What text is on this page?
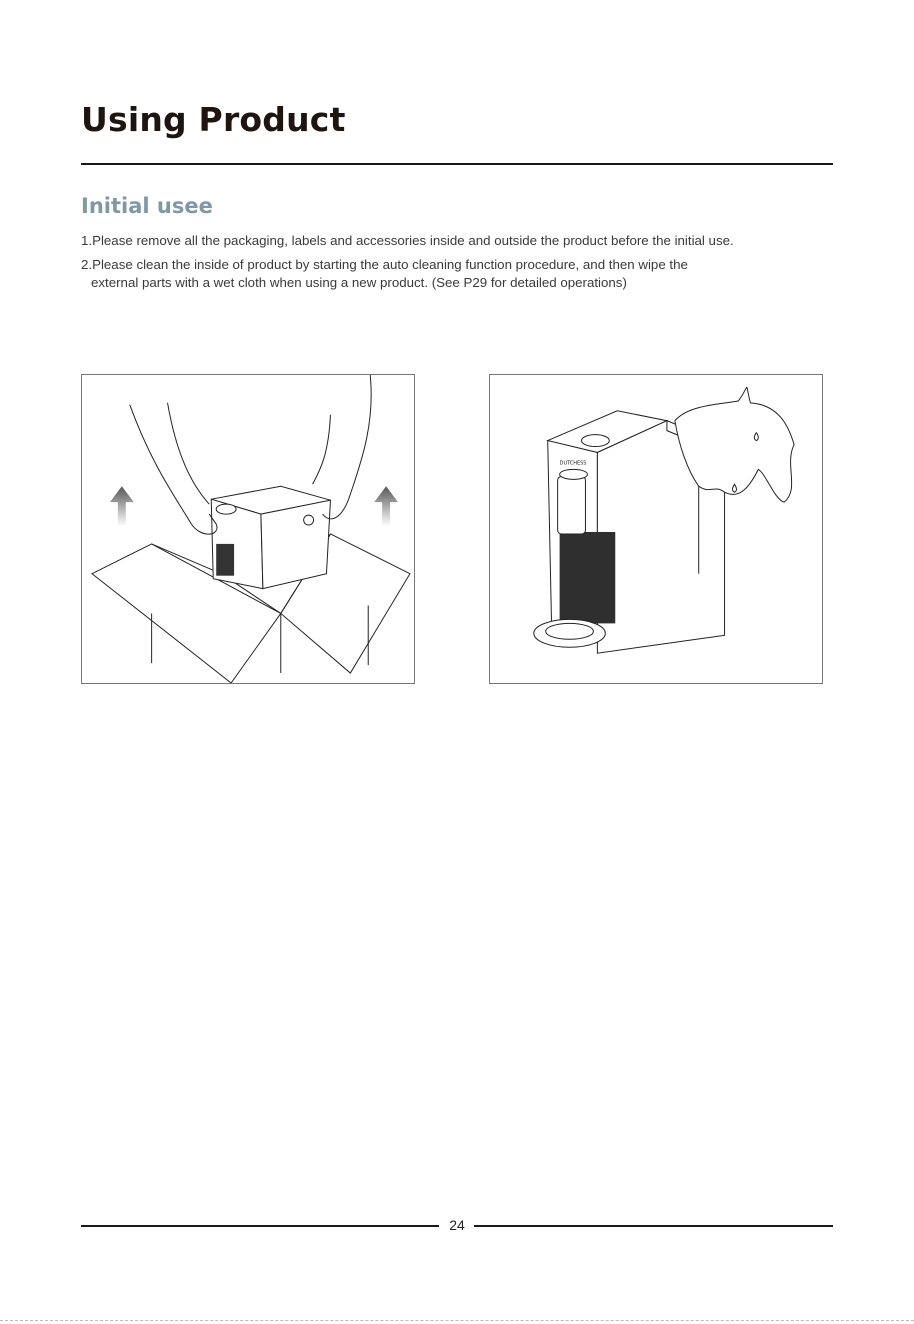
Using Product
Initial usee
1.Please remove all the packaging, labels and accessories inside and outside the product before the initial use.
2.Please clean the inside of product by starting the auto cleaning function procedure, and then wipe the
external parts with a wet cloth when using a new product. (See P29 for detailed operations)
DUTCHESS
24
